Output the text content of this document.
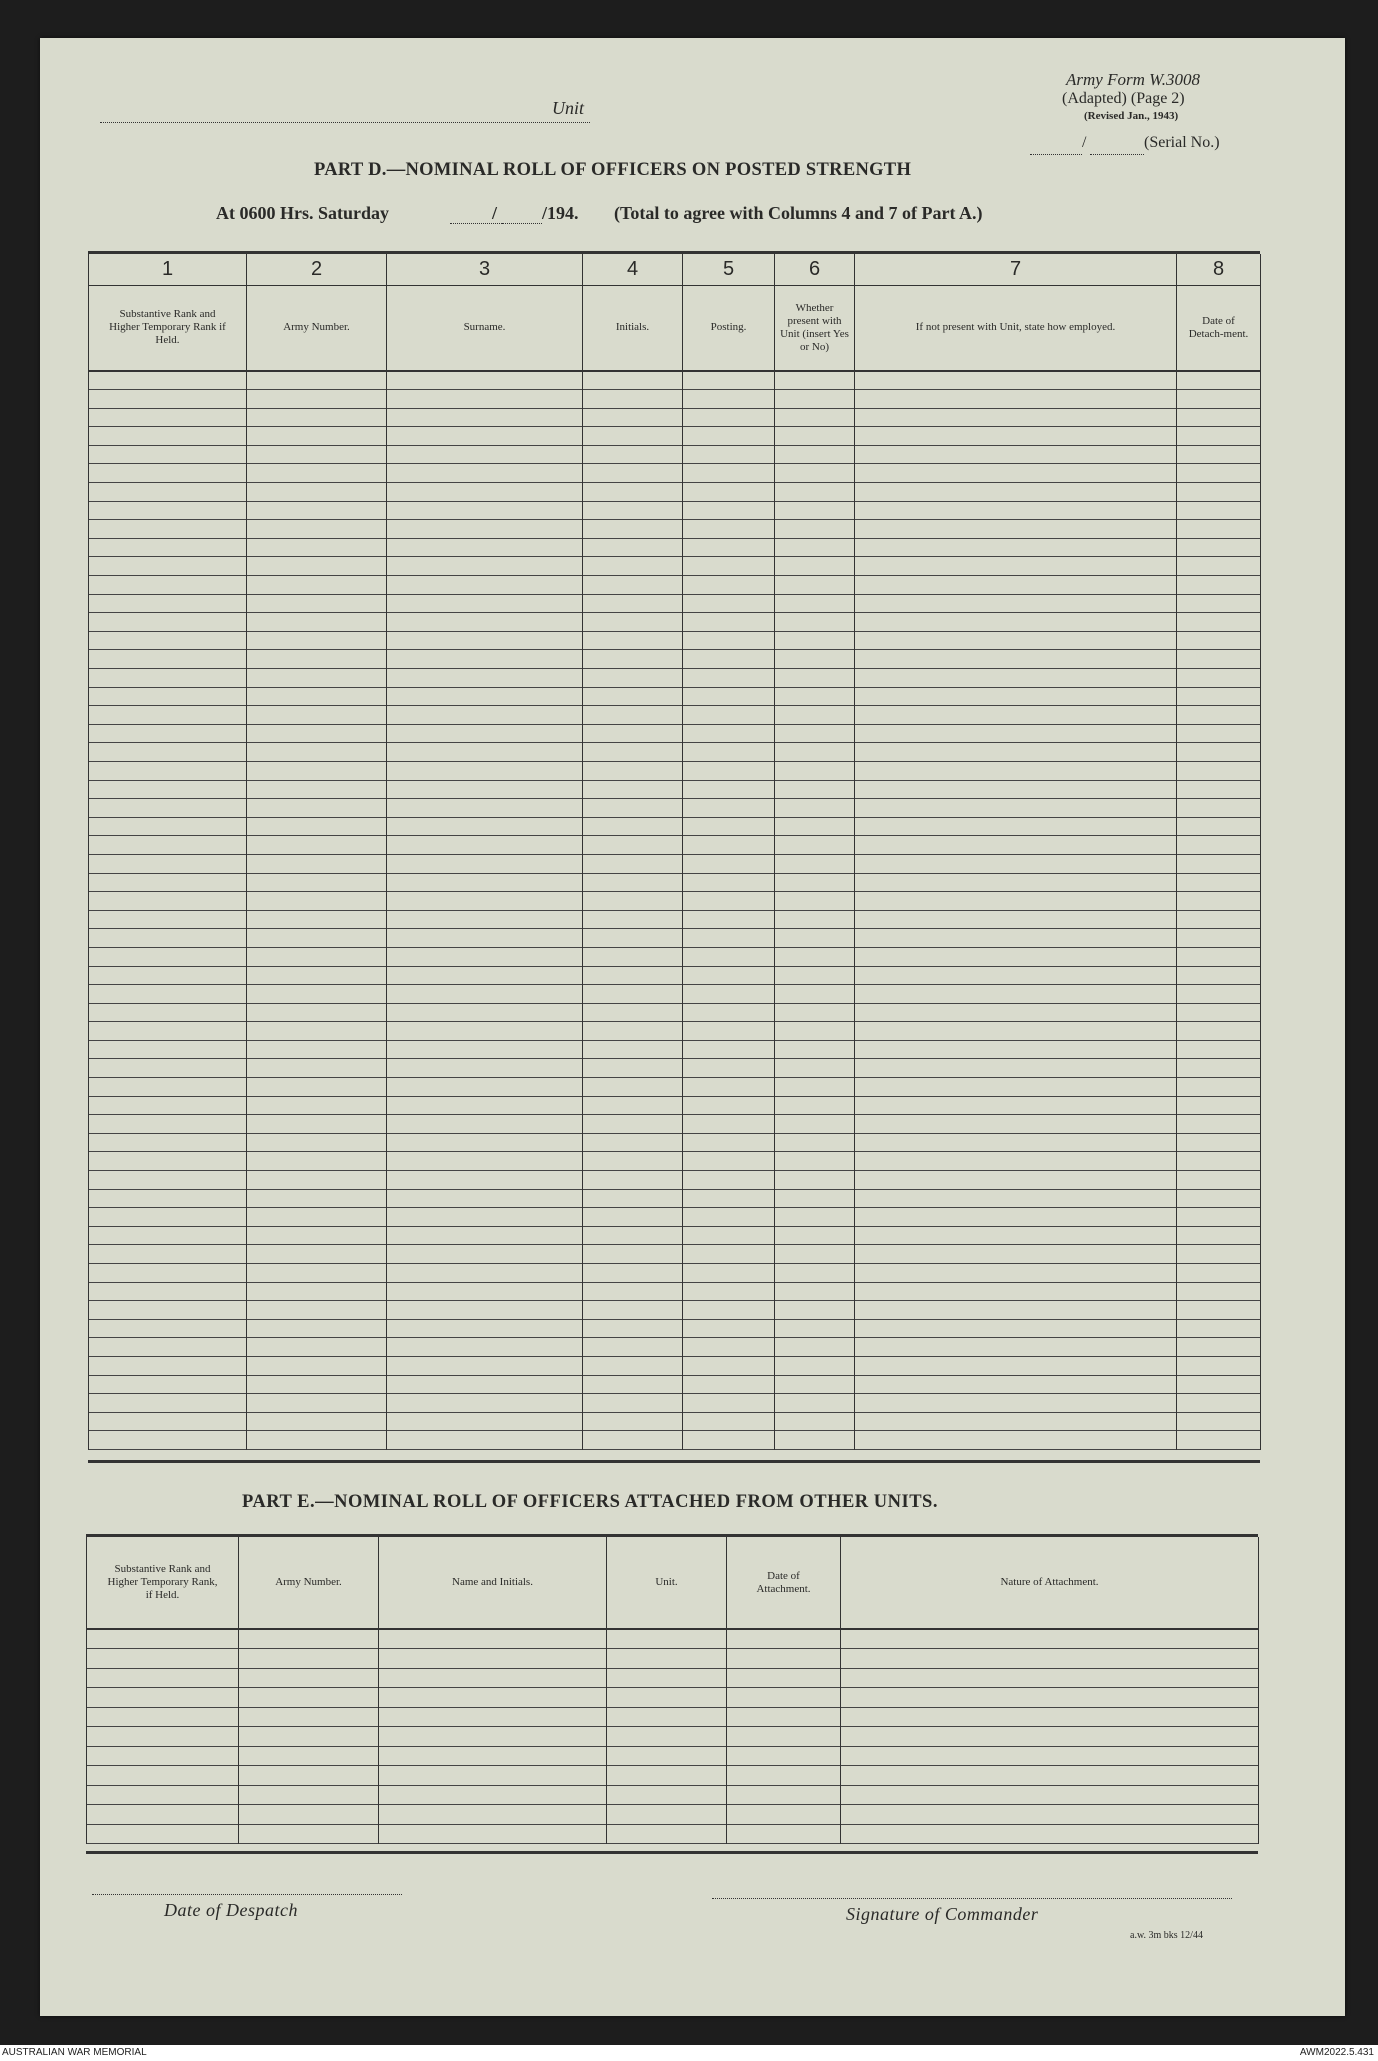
Army Form W.3008
(Adapted) (Page 2)
(Revised Jan., 1943)
Unit
/	(Serial No.)
PART D.—NOMINAL ROLL OF OFFICERS ON POSTED STRENGTH
At 0600 Hrs. Saturday	/ /194. (Total to agree with Columns 4 and 7 of Part A.)
1	2	3	4	5	6	7	8
Substantive Rank and Higher Temporary Rank if Held.	Army Number.	Surname.	Initials.	Posting.	Whether present with Unit (insert Yes or No)	If not present with Unit, state how employed.	Date of Detach-ment.

PART E.—NOMINAL ROLL OF OFFICERS ATTACHED FROM OTHER UNITS.
Substantive Rank and Higher Temporary Rank, if Held.	Army Number.	Name and Initials.	Unit.	Date of Attachment.	Nature of Attachment.

Date of Despatch	Signature of Commander
a.w. 3m bks 12/44
AUSTRALIAN WAR MEMORIAL	AWM2022.5.431
